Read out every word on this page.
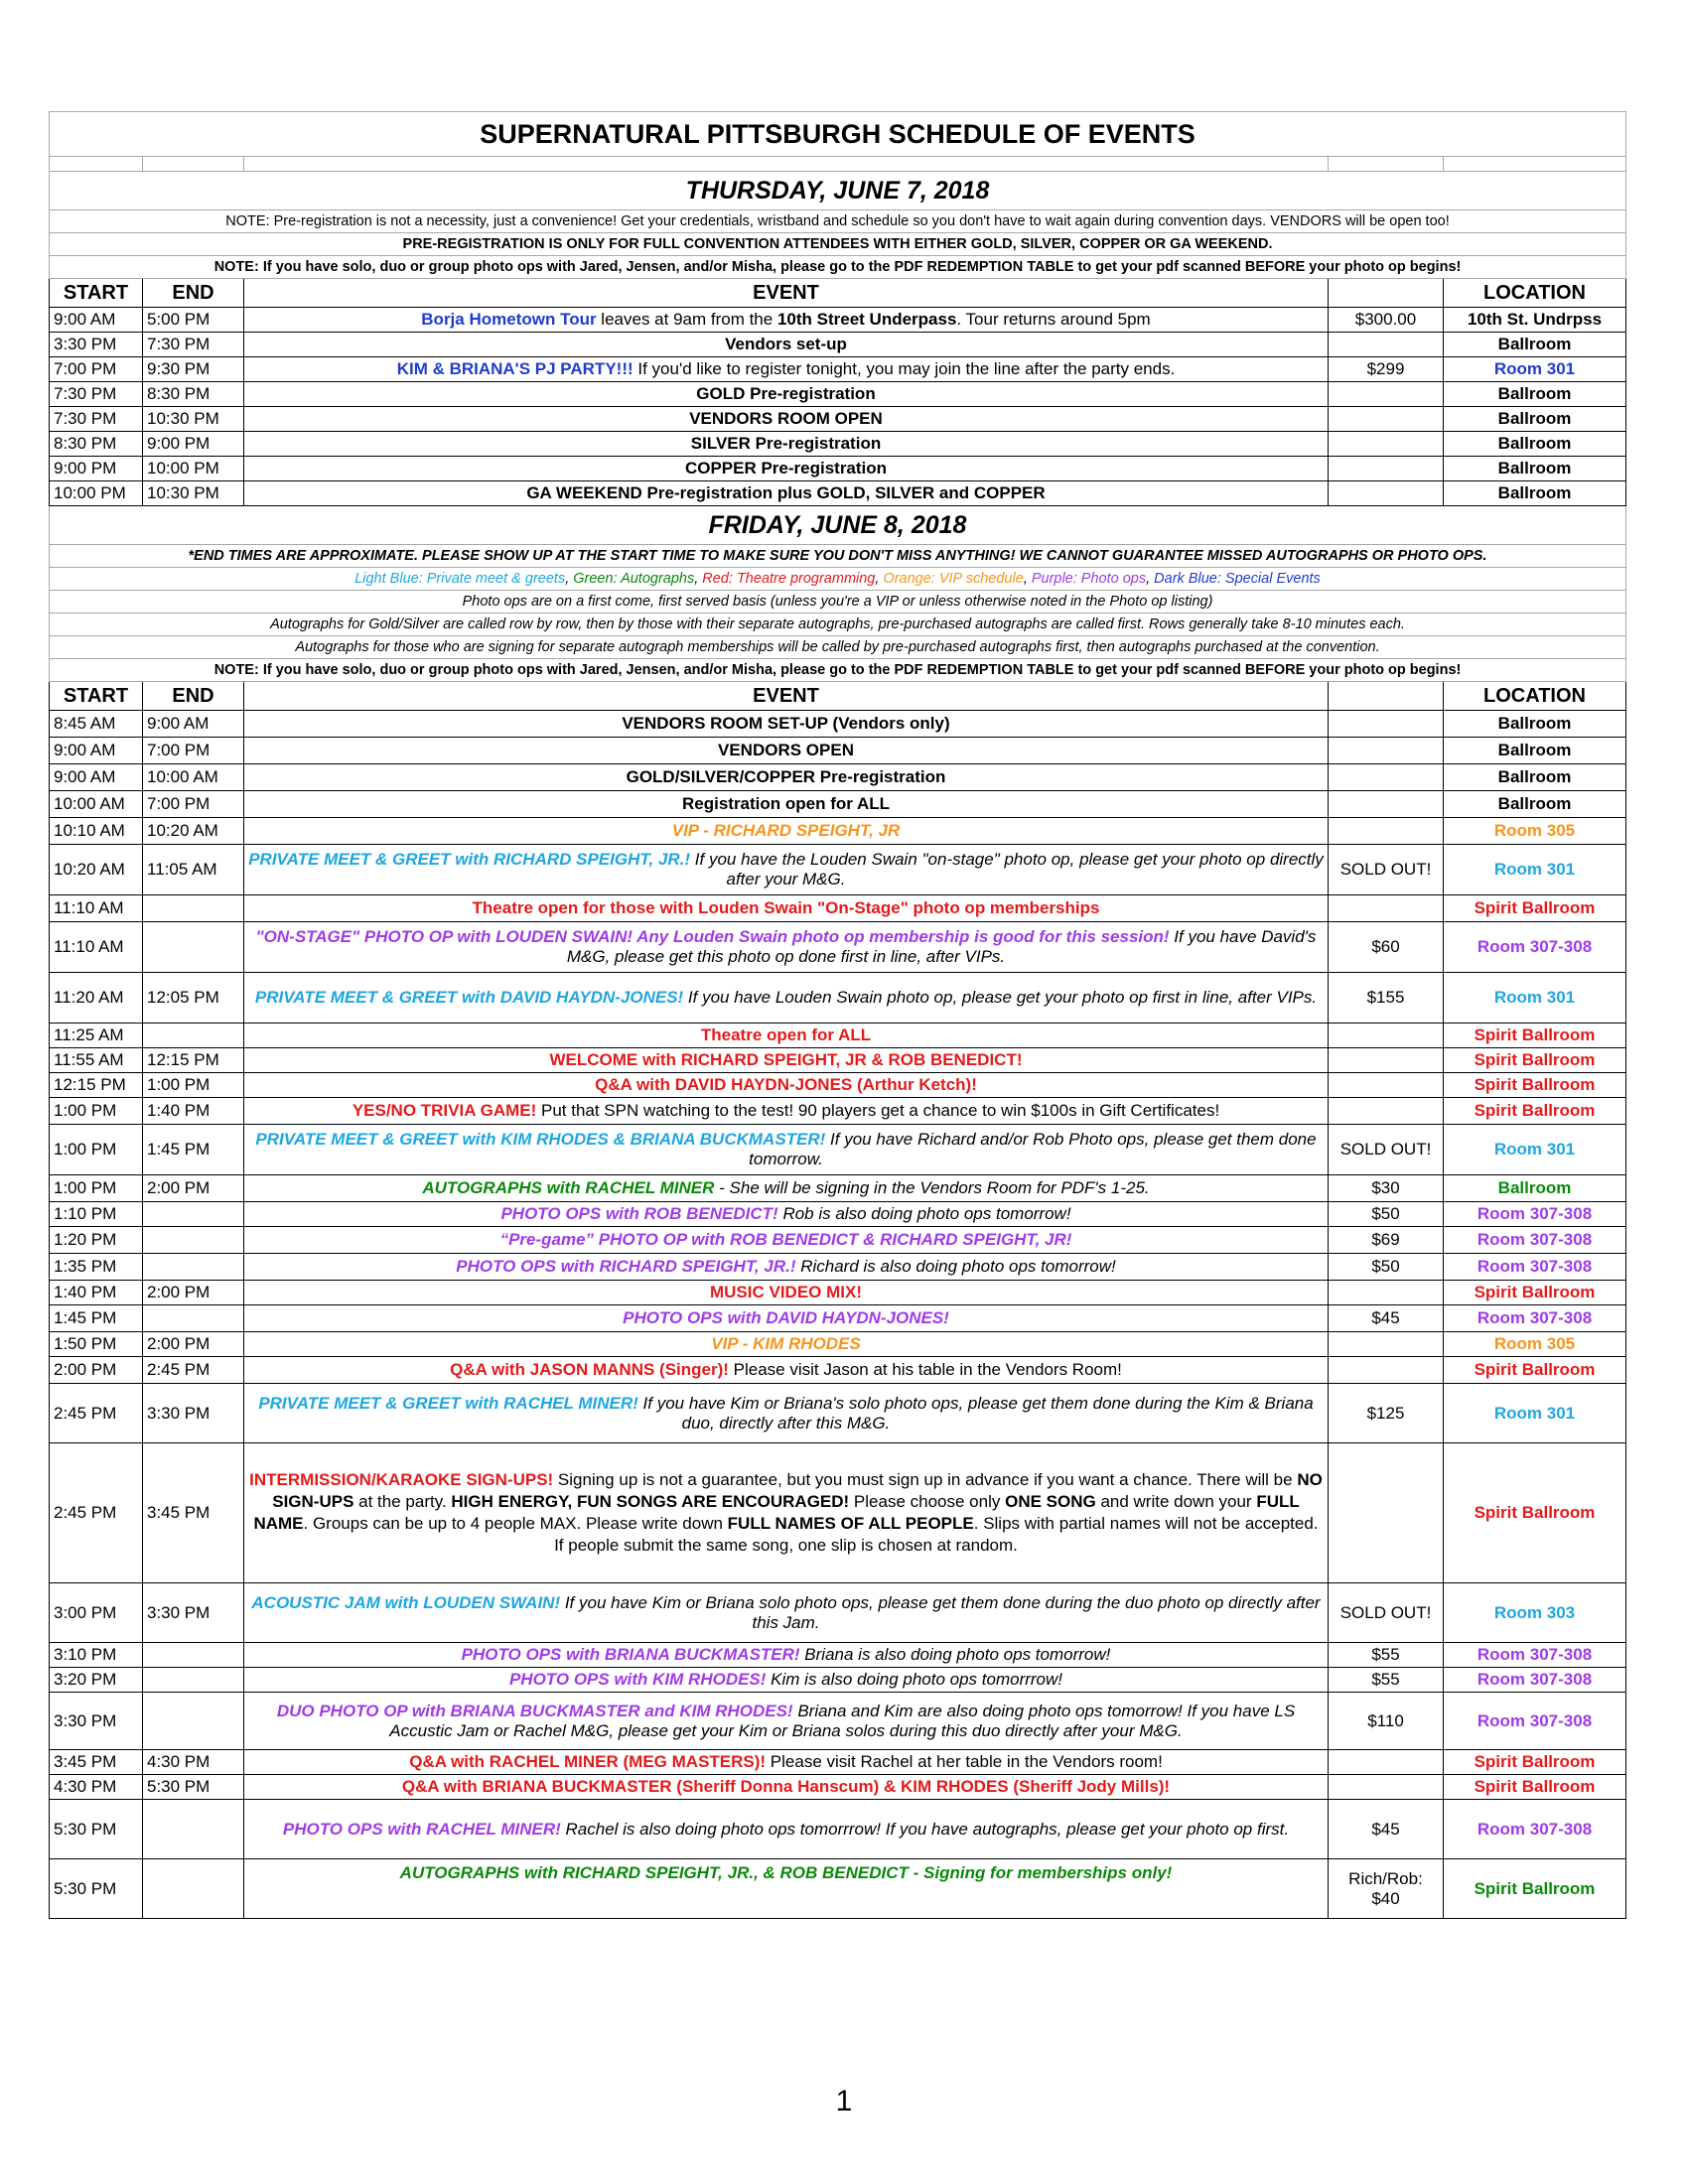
SUPERNATURAL PITTSBURGH SCHEDULE OF EVENTS				

THURSDAY, JUNE 7, 2018				
NOTE: Pre-registration is not a necessity, just a convenience! Get your credentials, wristband and schedule so you don't have to wait again during convention days. VENDORS will be open too!				
PRE-REGISTRATION IS ONLY FOR FULL CONVENTION ATTENDEES WITH EITHER GOLD, SILVER, COPPER OR GA WEEKEND.				
NOTE: If you have solo, duo or group photo ops with Jared, Jensen, and/or Misha, please go to the PDF REDEMPTION TABLE to get your pdf scanned BEFORE your photo op begins!				
START	END	EVENT		LOCATION
9:00 AM	5:00 PM	Borja Hometown Tour leaves at 9am from the 10th Street Underpass. Tour returns around 5pm	$300.00	10th St. Undrpss
3:30 PM	7:30 PM	Vendors set-up		Ballroom
7:00 PM	9:30 PM	KIM & BRIANA'S PJ PARTY!!! If you'd like to register tonight, you may join the line after the party ends.	$299	Room 301
7:30 PM	8:30 PM	GOLD Pre-registration		Ballroom
7:30 PM	10:30 PM	VENDORS ROOM OPEN		Ballroom
8:30 PM	9:00 PM	SILVER Pre-registration		Ballroom
9:00 PM	10:00 PM	COPPER Pre-registration		Ballroom
10:00 PM	10:30 PM	GA WEEKEND Pre-registration plus GOLD, SILVER and COPPER		Ballroom
FRIDAY, JUNE 8, 2018				
*END TIMES ARE APPROXIMATE. PLEASE SHOW UP AT THE START TIME TO MAKE SURE YOU DON'T MISS ANYTHING! WE CANNOT GUARANTEE MISSED AUTOGRAPHS OR PHOTO OPS.				
Light Blue: Private meet & greets, Green: Autographs, Red: Theatre programming, Orange: VIP schedule, Purple: Photo ops, Dark Blue: Special Events				
Photo ops are on a first come, first served basis (unless you're a VIP or unless otherwise noted in the Photo op listing)				
Autographs for Gold/Silver are called row by row, then by those with their separate autographs, pre-purchased autographs are called first. Rows generally take 8-10 minutes each.				
Autographs for those who are signing for separate autograph memberships will be called by pre-purchased autographs first, then autographs purchased at the convention.				
NOTE: If you have solo, duo or group photo ops with Jared, Jensen, and/or Misha, please go to the PDF REDEMPTION TABLE to get your pdf scanned BEFORE your photo op begins!				
START	END	EVENT		LOCATION
8:45 AM	9:00 AM	VENDORS ROOM SET-UP (Vendors only)		Ballroom
9:00 AM	7:00 PM	VENDORS OPEN		Ballroom
9:00 AM	10:00 AM	GOLD/SILVER/COPPER Pre-registration		Ballroom
10:00 AM	7:00 PM	Registration open for ALL		Ballroom
10:10 AM	10:20 AM	VIP - RICHARD SPEIGHT, JR		Room 305
10:20 AM	11:05 AM	PRIVATE MEET & GREET with RICHARD SPEIGHT, JR.! If you have the Louden Swain "on-stage" photo op, please get your photo op directly after your M&G.	SOLD OUT!	Room 301
11:10 AM		Theatre open for those with Louden Swain "On-Stage" photo op memberships		Spirit Ballroom
11:10 AM		"ON-STAGE" PHOTO OP with LOUDEN SWAIN! Any Louden Swain photo op membership is good for this session! If you have David's M&G, please get this photo op done first in line, after VIPs.	$60	Room 307-308
11:20 AM	12:05 PM	PRIVATE MEET & GREET with DAVID HAYDN-JONES! If you have Louden Swain photo op, please get your photo op first in line, after VIPs.	$155	Room 301
11:25 AM		Theatre open for ALL		Spirit Ballroom
11:55 AM	12:15 PM	WELCOME with RICHARD SPEIGHT, JR & ROB BENEDICT!		Spirit Ballroom
12:15 PM	1:00 PM	Q&A with DAVID HAYDN-JONES (Arthur Ketch)!		Spirit Ballroom
1:00 PM	1:40 PM	YES/NO TRIVIA GAME! Put that SPN watching to the test! 90 players get a chance to win $100s in Gift Certificates!		Spirit Ballroom
1:00 PM	1:45 PM	PRIVATE MEET & GREET with KIM RHODES & BRIANA BUCKMASTER! If you have Richard and/or Rob Photo ops, please get them done tomorrow.	SOLD OUT!	Room 301
1:00 PM	2:00 PM	AUTOGRAPHS with RACHEL MINER - She will be signing in the Vendors Room for PDF's 1-25.	$30	Ballroom
1:10 PM		PHOTO OPS with ROB BENEDICT! Rob is also doing photo ops tomorrow!	$50	Room 307-308
1:20 PM		“Pre-game” PHOTO OP with ROB BENEDICT & RICHARD SPEIGHT, JR!	$69	Room 307-308
1:35 PM		PHOTO OPS with RICHARD SPEIGHT, JR.! Richard is also doing photo ops tomorrow!	$50	Room 307-308
1:40 PM	2:00 PM	MUSIC VIDEO MIX!		Spirit Ballroom
1:45 PM		PHOTO OPS with DAVID HAYDN-JONES!	$45	Room 307-308
1:50 PM	2:00 PM	VIP - KIM RHODES		Room 305
2:00 PM	2:45 PM	Q&A with JASON MANNS (Singer)! Please visit Jason at his table in the Vendors Room!		Spirit Ballroom
2:45 PM	3:30 PM	PRIVATE MEET & GREET with RACHEL MINER! If you have Kim or Briana's solo photo ops, please get them done during the Kim & Briana duo, directly after this M&G.	$125	Room 301
2:45 PM	3:45 PM	INTERMISSION/KARAOKE SIGN-UPS! Signing up is not a guarantee, but you must sign up in advance if you want a chance. There will be NO SIGN-UPS at the party. HIGH ENERGY, FUN SONGS ARE ENCOURAGED! Please choose only ONE SONG and write down your FULL NAME. Groups can be up to 4 people MAX. Please write down FULL NAMES OF ALL PEOPLE. Slips with partial names will not be accepted. If people submit the same song, one slip is chosen at random.		Spirit Ballroom
3:00 PM	3:30 PM	ACOUSTIC JAM with LOUDEN SWAIN! If you have Kim or Briana solo photo ops, please get them done during the duo photo op directly after this Jam.	SOLD OUT!	Room 303
3:10 PM		PHOTO OPS with BRIANA BUCKMASTER! Briana is also doing photo ops tomorrow!	$55	Room 307-308
3:20 PM		PHOTO OPS with KIM RHODES! Kim is also doing photo ops tomorrrow!	$55	Room 307-308
3:30 PM		DUO PHOTO OP with BRIANA BUCKMASTER and KIM RHODES! Briana and Kim are also doing photo ops tomorrow! If you have LS Accustic Jam or Rachel M&G, please get your Kim or Briana solos during this duo directly after your M&G.	$110	Room 307-308
3:45 PM	4:30 PM	Q&A with RACHEL MINER (MEG MASTERS)! Please visit Rachel at her table in the Vendors room!		Spirit Ballroom
4:30 PM	5:30 PM	Q&A with BRIANA BUCKMASTER (Sheriff Donna Hanscum) & KIM RHODES (Sheriff Jody Mills)!		Spirit Ballroom
5:30 PM		PHOTO OPS with RACHEL MINER! Rachel is also doing photo ops tomorrrow! If you have autographs, please get your photo op first.	$45	Room 307-308
5:30 PM		AUTOGRAPHS with RICHARD SPEIGHT, JR., & ROB BENEDICT - Signing for memberships only!	Rich/Rob: $40	Spirit Ballroom
1
